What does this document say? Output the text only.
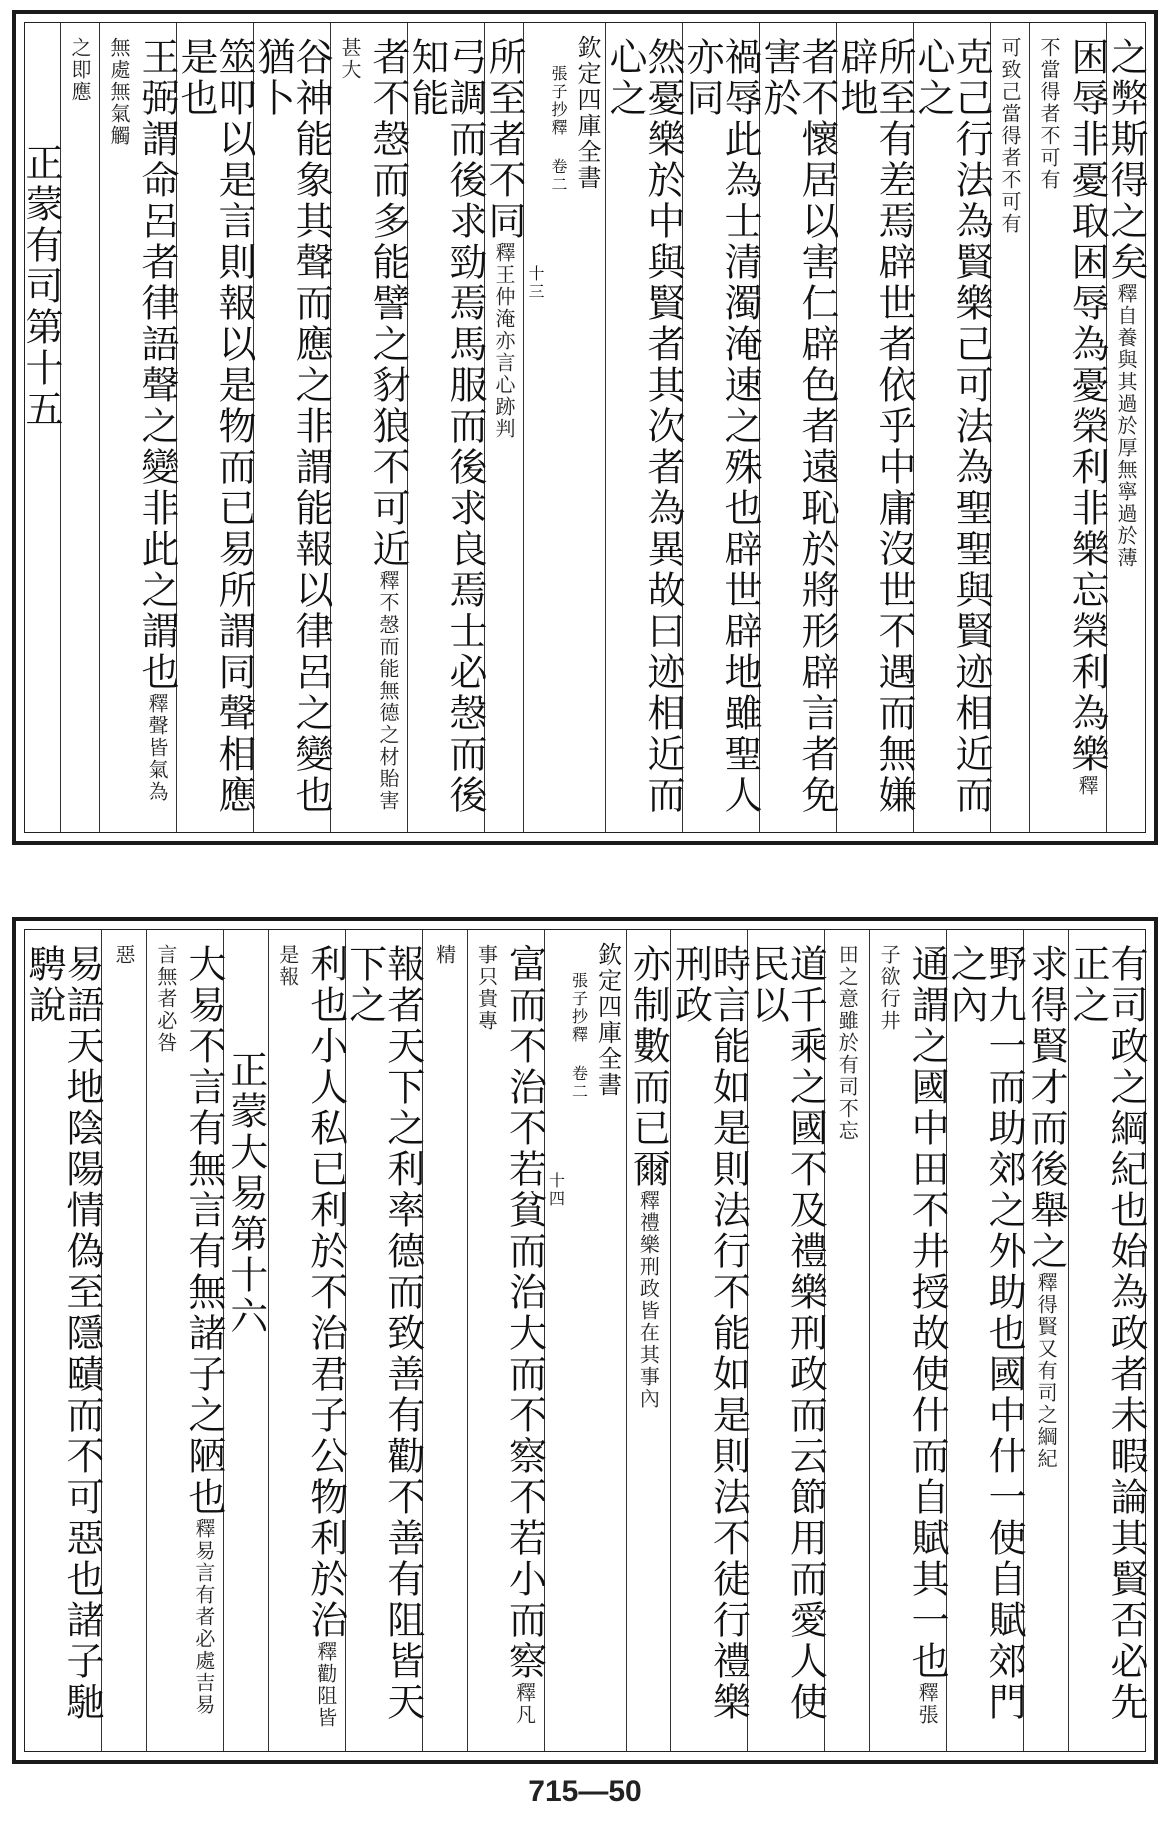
之弊斯得之矣釋自養與其過於厚無寧過於薄
困辱非憂取困辱為憂榮利非樂忘榮利為樂釋不當得者不可有
可致己當得者不可有
克己行法為賢樂己可法為聖聖與賢迹相近而心之
所至有差焉辟世者依乎中庸沒世不遇而無嫌辟地
者不懷居以害仁辟色者遠恥於將形辟言者免害於
禍辱此為士清濁淹速之殊也辟世辟地雖聖人亦同
然憂樂於中與賢者其次者為異故曰迹相近而心之
欽定四庫全書
張子抄釋 卷二
十三
所至者不同釋王仲淹亦言心跡判
弓調而後求勁焉馬服而後求良焉士必愨而後知能
者不愨而多能譬之豺狼不可近釋不愨而能無德之材貽害甚大
谷神能象其聲而應之非謂能報以律呂之變也猶卜
筮叩以是言則報以是物而已易所謂同聲相應是也
王弼謂命呂者律語聲之變非此之謂也釋聲皆氣為無處無氣觸
之即應
正蒙有司第十五
有司政之綱紀也始為政者未暇論其賢否必先正之
求得賢才而後舉之釋得賢又有司之綱紀
野九一而助郊之外助也國中什一使自賦郊門之內
通謂之國中田不井授故使什而自賦其一也釋張子欲行井
田之意雖於有司不忘
道千乘之國不及禮樂刑政而云節用而愛人使民以
時言能如是則法行不能如是則法不徒行禮樂刑政
亦制數而已爾釋禮樂刑政皆在其事內
欽定四庫全書
張子抄釋 卷二
十四
富而不治不若貧而治大而不察不若小而察釋凡事只貴專
精
報者天下之利率德而致善有勸不善有阻皆天下之
利也小人私已利於不治君子公物利於治釋勸阻皆是報
正蒙大易第十六
大易不言有無言有無諸子之陋也釋易言有者必處吉易言無者必咎
惡
易語天地陰陽情偽至隱賾而不可惡也諸子馳騁說
715—50
